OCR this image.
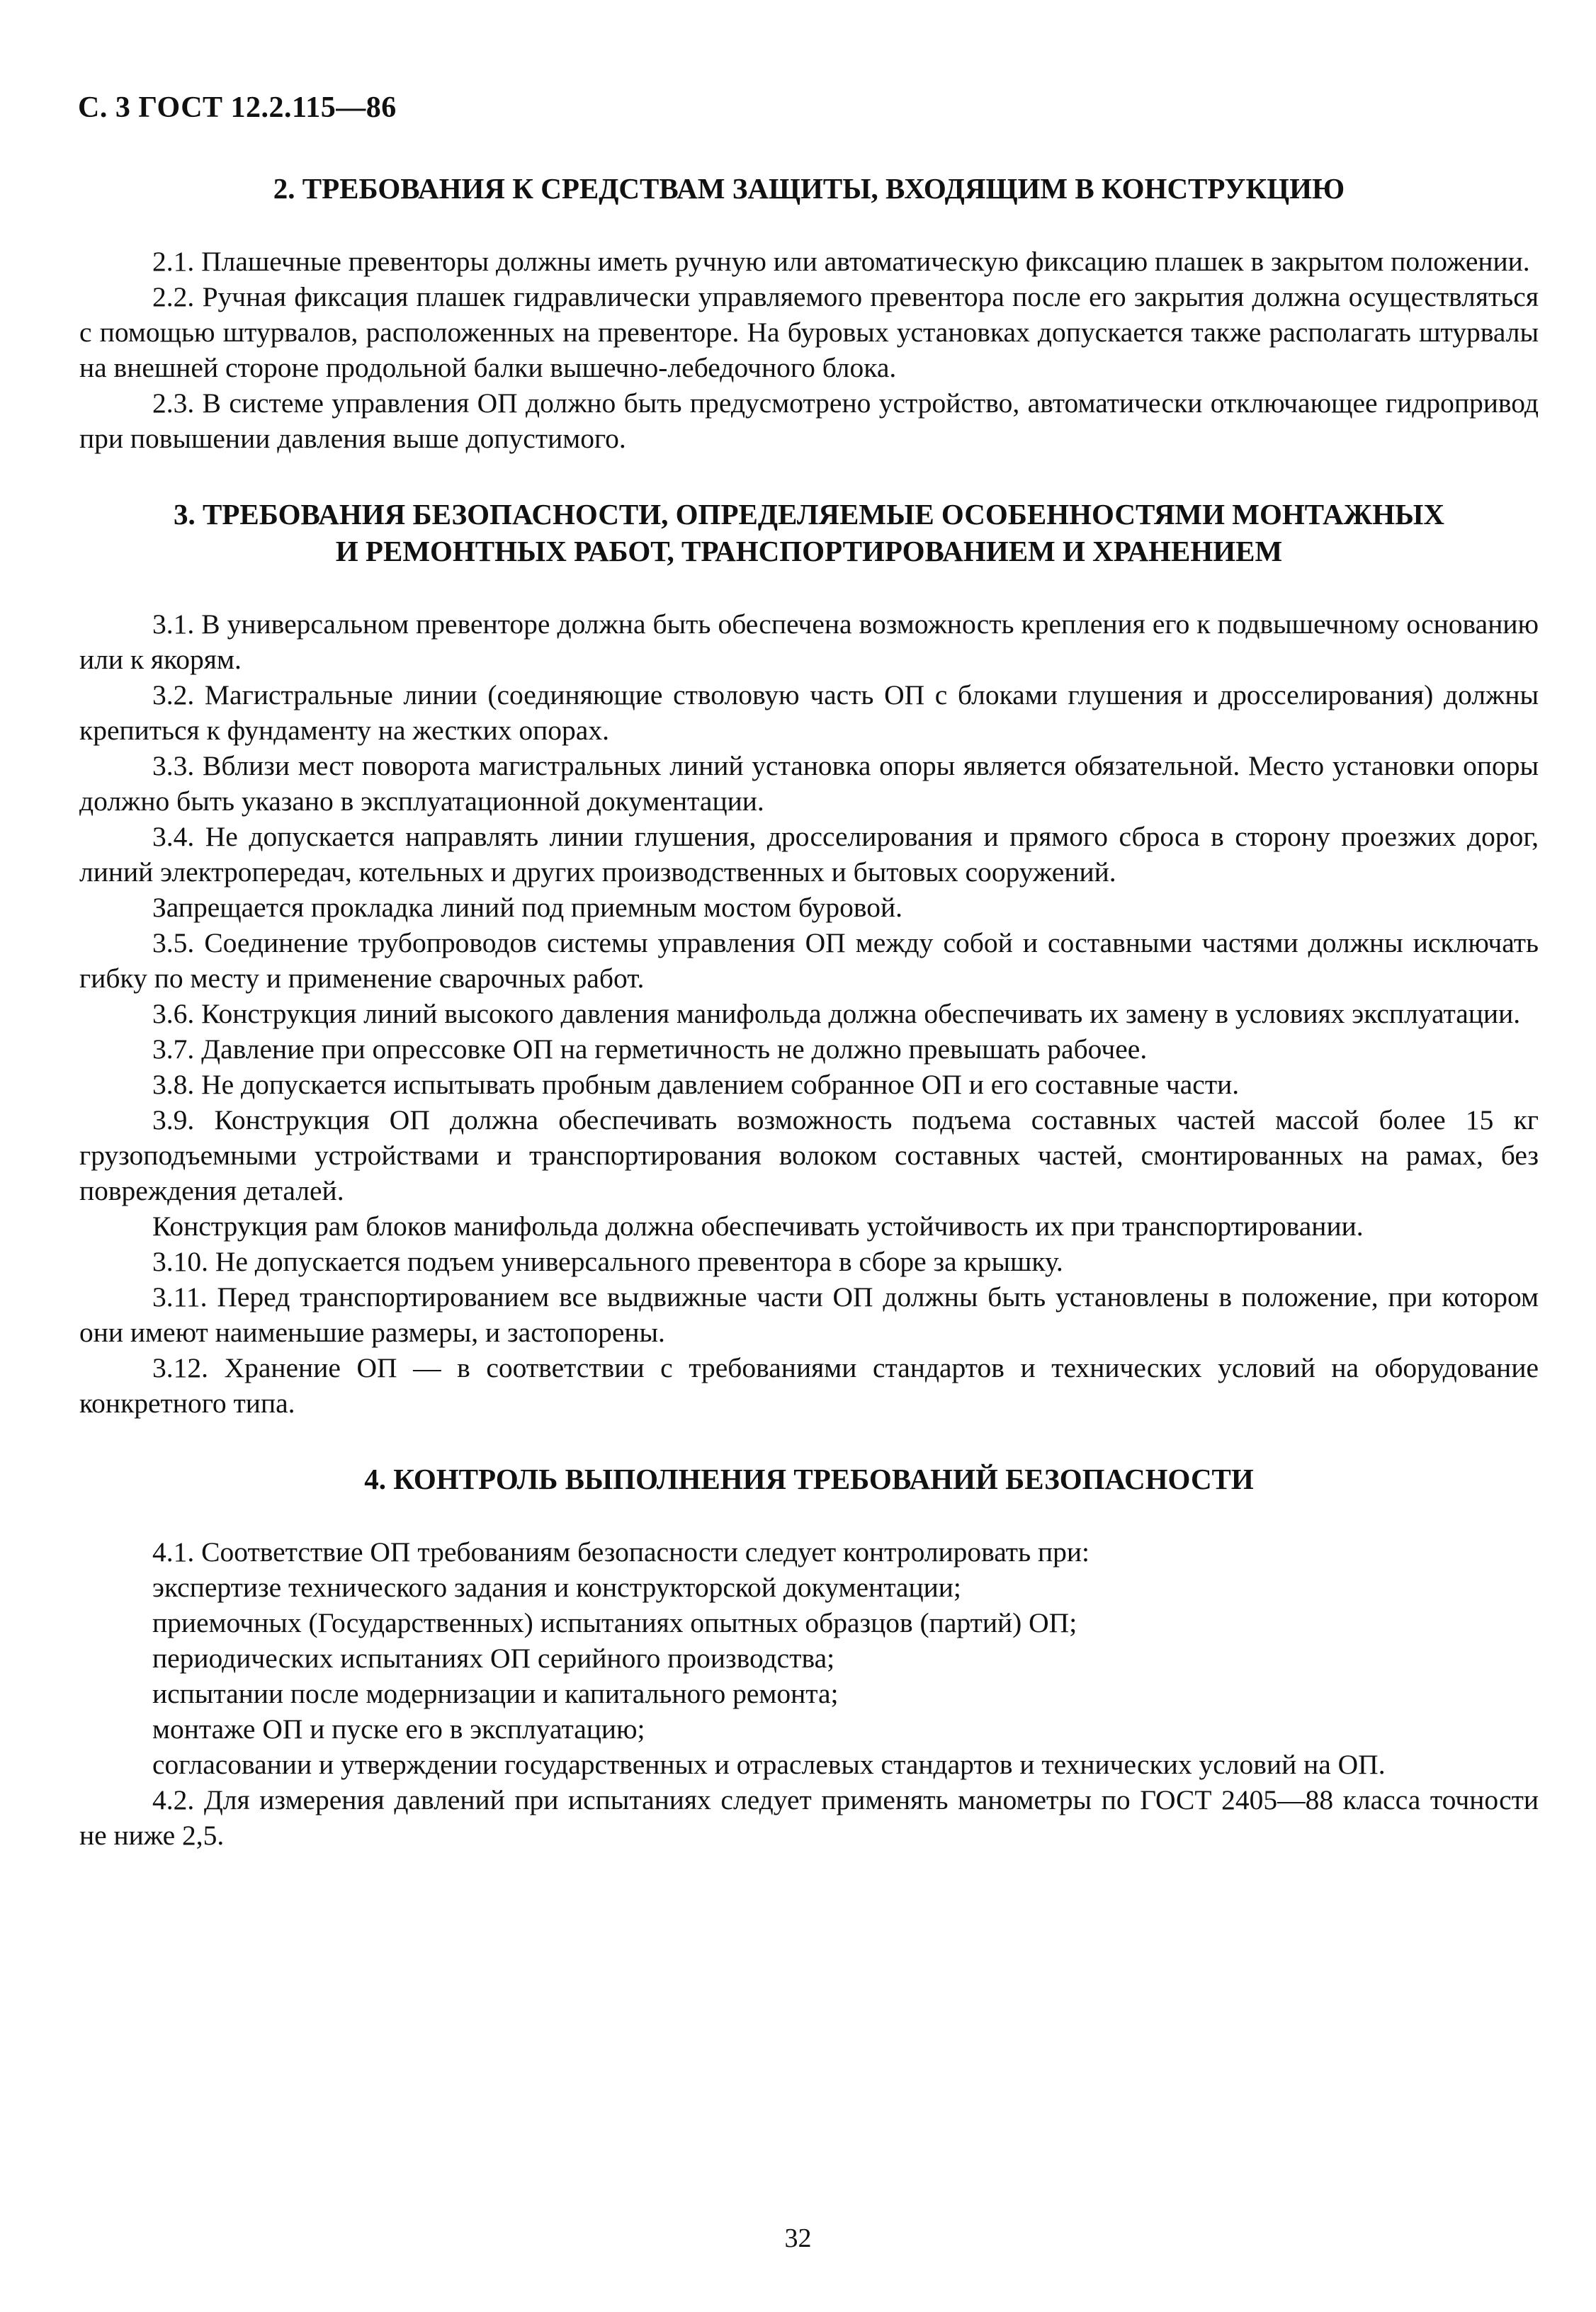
С. 3 ГОСТ 12.2.115—86
2. ТРЕБОВАНИЯ К СРЕДСТВАМ ЗАЩИТЫ, ВХОДЯЩИМ В КОНСТРУКЦИЮ

2.1. Плашечные превенторы должны иметь ручную или автоматическую фиксацию плашек в закрытом положении.

2.2. Ручная фиксация плашек гидравлически управляемого превентора после его закрытия должна осуществляться с помощью штурвалов, расположенных на превенторе. На буровых установках допускается также располагать штурвалы на внешней стороне продольной балки вышечно-лебедочного блока.

2.3. В системе управления ОП должно быть предусмотрено устройство, автоматически отключающее гидропривод при повышении давления выше допустимого.

3. ТРЕБОВАНИЯ БЕЗОПАСНОСТИ, ОПРЕДЕЛЯЕМЫЕ ОСОБЕННОСТЯМИ МОНТАЖНЫХ
И РЕМОНТНЫХ РАБОТ, ТРАНСПОРТИРОВАНИЕМ И ХРАНЕНИЕМ

3.1. В универсальном превенторе должна быть обеспечена возможность крепления его к подвышечному основанию или к якорям.

3.2. Магистральные линии (соединяющие стволовую часть ОП с блоками глушения и дросселирования) должны крепиться к фундаменту на жестких опорах.

3.3. Вблизи мест поворота магистральных линий установка опоры является обязательной. Место установки опоры должно быть указано в эксплуатационной документации.

3.4. Не допускается направлять линии глушения, дросселирования и прямого сброса в сторону проезжих дорог, линий электропередач, котельных и других производственных и бытовых сооружений.

Запрещается прокладка линий под приемным мостом буровой.

3.5. Соединение трубопроводов системы управления ОП между собой и составными частями должны исключать гибку по месту и применение сварочных работ.

3.6. Конструкция линий высокого давления манифольда должна обеспечивать их замену в условиях эксплуатации.

3.7. Давление при опрессовке ОП на герметичность не должно превышать рабочее.

3.8. Не допускается испытывать пробным давлением собранное ОП и его составные части.

3.9. Конструкция ОП должна обеспечивать возможность подъема составных частей массой более 15 кг грузоподъемными устройствами и транспортирования волоком составных частей, смонтированных на рамах, без повреждения деталей.

Конструкция рам блоков манифольда должна обеспечивать устойчивость их при транспортировании.

3.10. Не допускается подъем универсального превентора в сборе за крышку.

3.11. Перед транспортированием все выдвижные части ОП должны быть установлены в положение, при котором они имеют наименьшие размеры, и застопорены.

3.12. Хранение ОП — в соответствии с требованиями стандартов и технических условий на оборудование конкретного типа.

4. КОНТРОЛЬ ВЫПОЛНЕНИЯ ТРЕБОВАНИЙ БЕЗОПАСНОСТИ

4.1. Соответствие ОП требованиям безопасности следует контролировать при:

экспертизе технического задания и конструкторской документации;

приемочных (Государственных) испытаниях опытных образцов (партий) ОП;

периодических испытаниях ОП серийного производства;

испытании после модернизации и капитального ремонта;

монтаже ОП и пуске его в эксплуатацию;

согласовании и утверждении государственных и отраслевых стандартов и технических условий на ОП.

4.2. Для измерения давлений при испытаниях следует применять манометры по ГОСТ 2405—88 класса точности не ниже 2,5.

32
